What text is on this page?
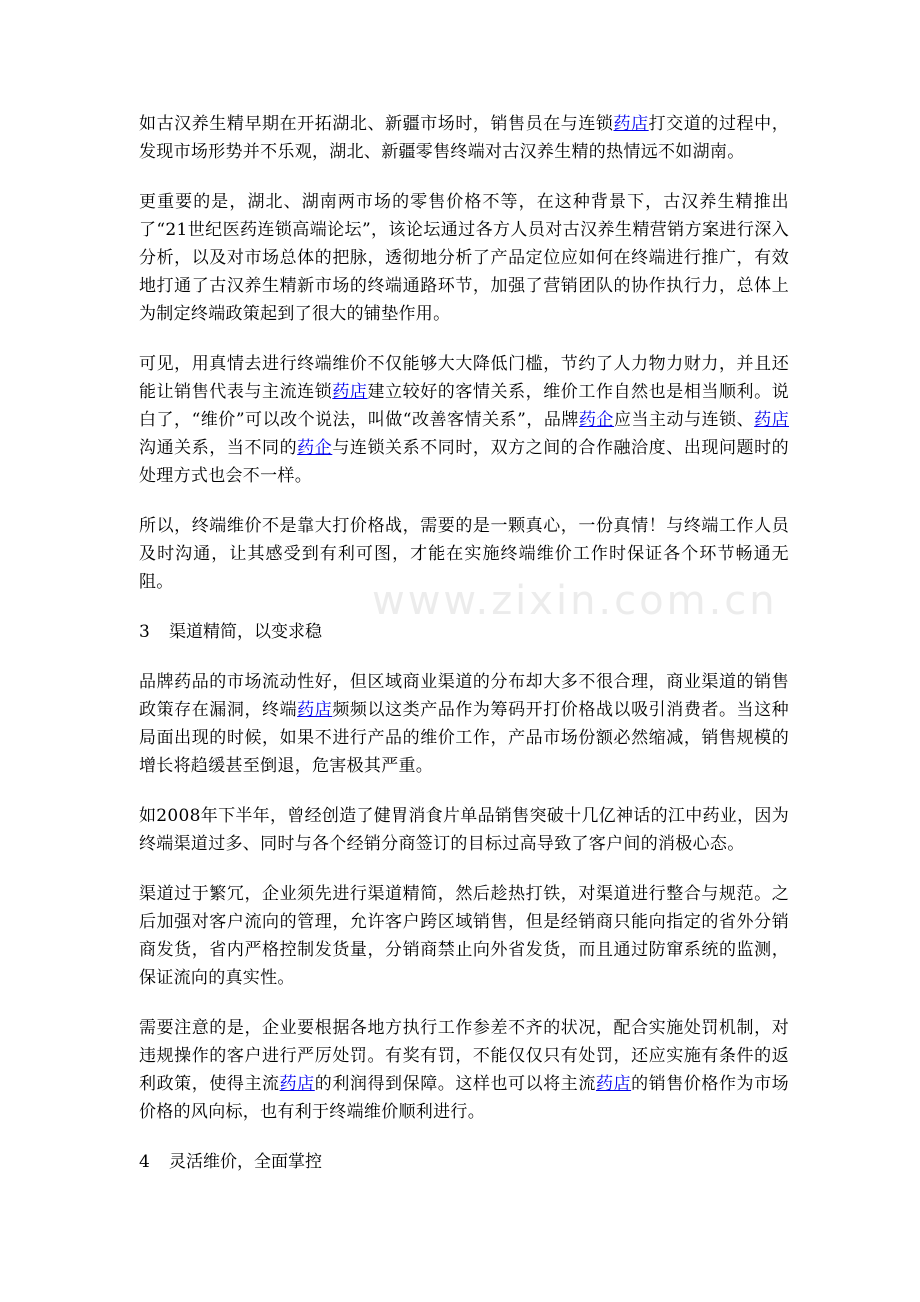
www.zixin.com.cn

如古汉养生精早期在开拓湖北、新疆市场时，销售员在与连锁药店打交道的过程中，发现市场形势并不乐观，湖北、新疆零售终端对古汉养生精的热情远不如湖南。

更重要的是，湖北、湖南两市场的零售价格不等，在这种背景下，古汉养生精推出了“21世纪医药连锁高端论坛”，该论坛通过各方人员对古汉养生精营销方案进行深入分析，以及对市场总体的把脉，透彻地分析了产品定位应如何在终端进行推广，有效地打通了古汉养生精新市场的终端通路环节，加强了营销团队的协作执行力，总体上为制定终端政策起到了很大的铺垫作用。

可见，用真情去进行终端维价不仅能够大大降低门槛，节约了人力物力财力，并且还能让销售代表与主流连锁药店建立较好的客情关系，维价工作自然也是相当顺利。说白了，“维价”可以改个说法，叫做“改善客情关系”，品牌药企应当主动与连锁、药店沟通关系，当不同的药企与连锁关系不同时，双方之间的合作融洽度、出现问题时的处理方式也会不一样。

所以，终端维价不是靠大打价格战，需要的是一颗真心，一份真情！与终端工作人员及时沟通，让其感受到有利可图，才能在实施终端维价工作时保证各个环节畅通无阻。

3 渠道精简，以变求稳

品牌药品的市场流动性好，但区域商业渠道的分布却大多不很合理，商业渠道的销售政策存在漏洞，终端药店频频以这类产品作为筹码开打价格战以吸引消费者。当这种局面出现的时候，如果不进行产品的维价工作，产品市场份额必然缩减，销售规模的增长将趋缓甚至倒退，危害极其严重。

如2008年下半年，曾经创造了健胃消食片单品销售突破十几亿神话的江中药业，因为终端渠道过多、同时与各个经销分商签订的目标过高导致了客户间的消极心态。

渠道过于繁冗，企业须先进行渠道精简，然后趁热打铁，对渠道进行整合与规范。之后加强对客户流向的管理，允许客户跨区域销售，但是经销商只能向指定的省外分销商发货，省内严格控制发货量，分销商禁止向外省发货，而且通过防窜系统的监测，保证流向的真实性。

需要注意的是，企业要根据各地方执行工作参差不齐的状况，配合实施处罚机制，对违规操作的客户进行严厉处罚。有奖有罚，不能仅仅只有处罚，还应实施有条件的返利政策，使得主流药店的利润得到保障。这样也可以将主流药店的销售价格作为市场价格的风向标，也有利于终端维价顺利进行。

4 灵活维价，全面掌控
